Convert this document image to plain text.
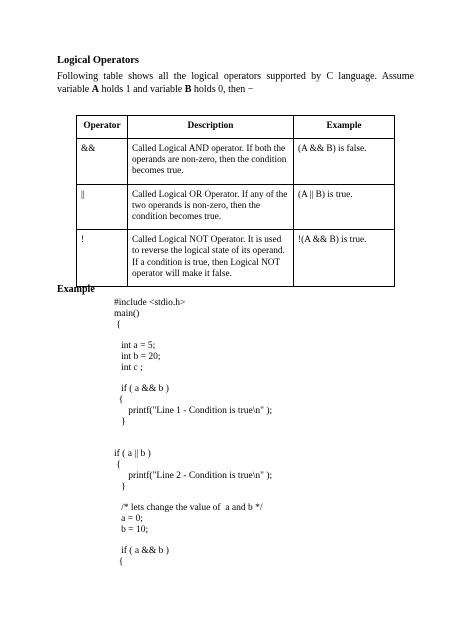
Logical Operators
Following table shows all the logical operators supported by C language. Assume
variable A holds 1 and variable B holds 0, then −
Operator	Description	Example
&&	Called Logical AND operator. If both the operands are non-zero, then the condition becomes true.	(A && B) is false.
||	Called Logical OR Operator. If any of the two operands is non-zero, then the condition becomes true.	(A || B) is true.
!	Called Logical NOT Operator. It is used to reverse the logical state of its operand. If a condition is true, then Logical NOT operator will make it false.	!(A && B) is true.
Example
#include <stdio.h>
main()
{
int a = 5;
int b = 20;
int c ;
if ( a && b )
{
printf("Line 1 - Condition is true\n" );
}
if ( a || b )
{
printf("Line 2 - Condition is true\n" );
}
/* lets change the value of  a and b */
a = 0;
b = 10;
if ( a && b )
{
